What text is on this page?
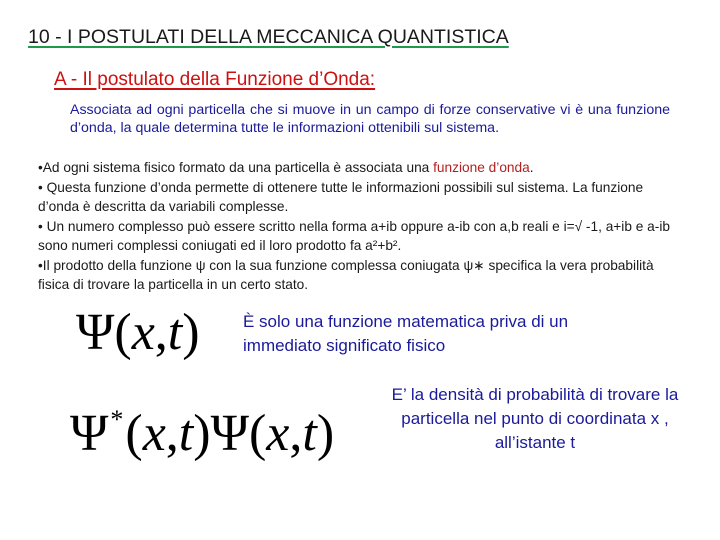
10 - I POSTULATI DELLA MECCANICA QUANTISTICA
A - Il postulato della Funzione d’Onda:
Associata ad ogni particella che si muove in un campo di forze conservative vi è una funzione d’onda, la quale determina tutte le informazioni ottenibili sul sistema.
•Ad ogni sistema fisico formato da una particella è associata una funzione d’onda.
• Questa funzione d’onda permette di ottenere tutte le informazioni possibili sul sistema. La funzione d’onda è descritta da variabili complesse.
• Un numero complesso può essere scritto nella forma a+ib oppure a-ib con a,b reali e i=√ -1, a+ib e a-ib sono numeri complessi coniugati ed il loro prodotto fa a²+b².
•Il prodotto della funzione ψ con la sua funzione complessa coniugata ψ∗ specifica la vera probabilità fisica di trovare la particella in un certo stato.
Ψ(x,t)
Ψ*(x,t)Ψ(x,t)
È solo una funzione matematica priva di un immediato significato fisico
E’ la densità di probabilità di trovare la particella nel punto di coordinata x , all’istante t
